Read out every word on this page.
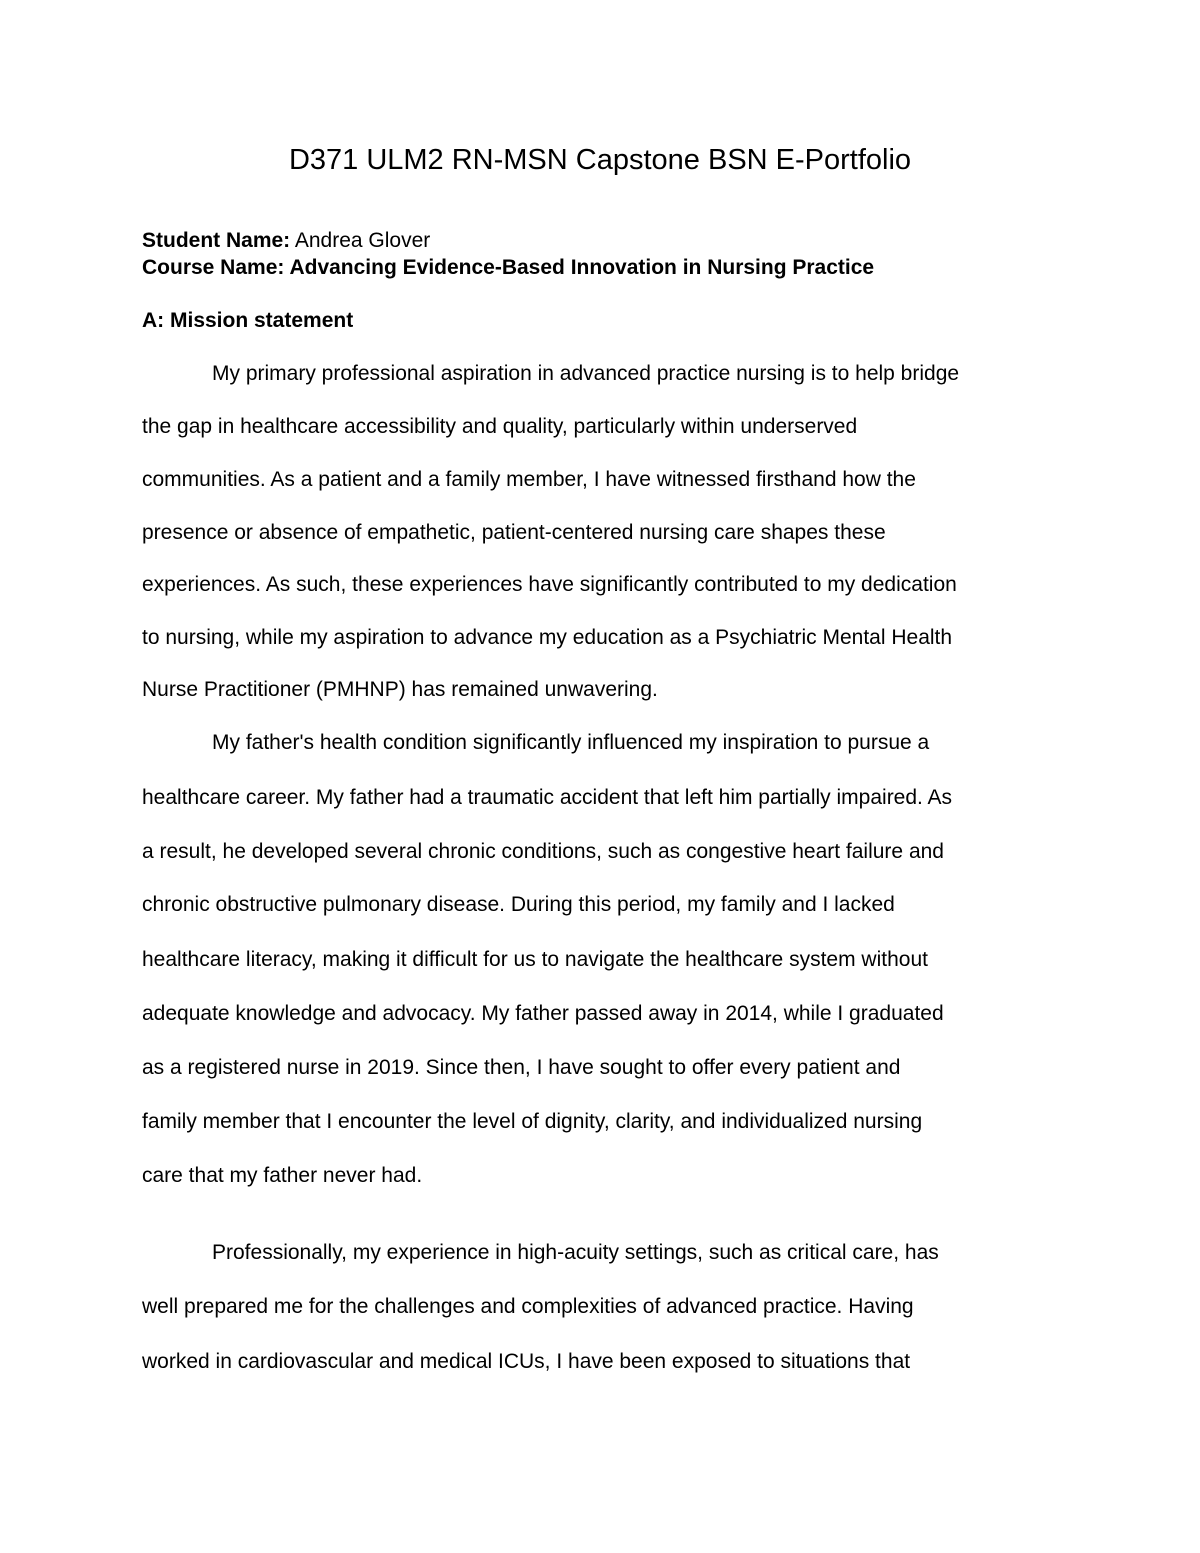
D371 ULM2 RN-MSN Capstone BSN E-Portfolio

Student Name: Andrea Glover

Course Name: Advancing Evidence-Based Innovation in Nursing Practice

A: Mission statement

My primary professional aspiration in advanced practice nursing is to help bridge

the gap in healthcare accessibility and quality, particularly within underserved

communities. As a patient and a family member, I have witnessed firsthand how the

presence or absence of empathetic, patient-centered nursing care shapes these

experiences. As such, these experiences have significantly contributed to my dedication

to nursing, while my aspiration to advance my education as a Psychiatric Mental Health

Nurse Practitioner (PMHNP) has remained unwavering.

My father's health condition significantly influenced my inspiration to pursue a

healthcare career. My father had a traumatic accident that left him partially impaired. As

a result, he developed several chronic conditions, such as congestive heart failure and

chronic obstructive pulmonary disease. During this period, my family and I lacked

healthcare literacy, making it difficult for us to navigate the healthcare system without

adequate knowledge and advocacy. My father passed away in 2014, while I graduated

as a registered nurse in 2019. Since then, I have sought to offer every patient and

family member that I encounter the level of dignity, clarity, and individualized nursing

care that my father never had.

Professionally, my experience in high-acuity settings, such as critical care, has

well prepared me for the challenges and complexities of advanced practice. Having

worked in cardiovascular and medical ICUs, I have been exposed to situations that
